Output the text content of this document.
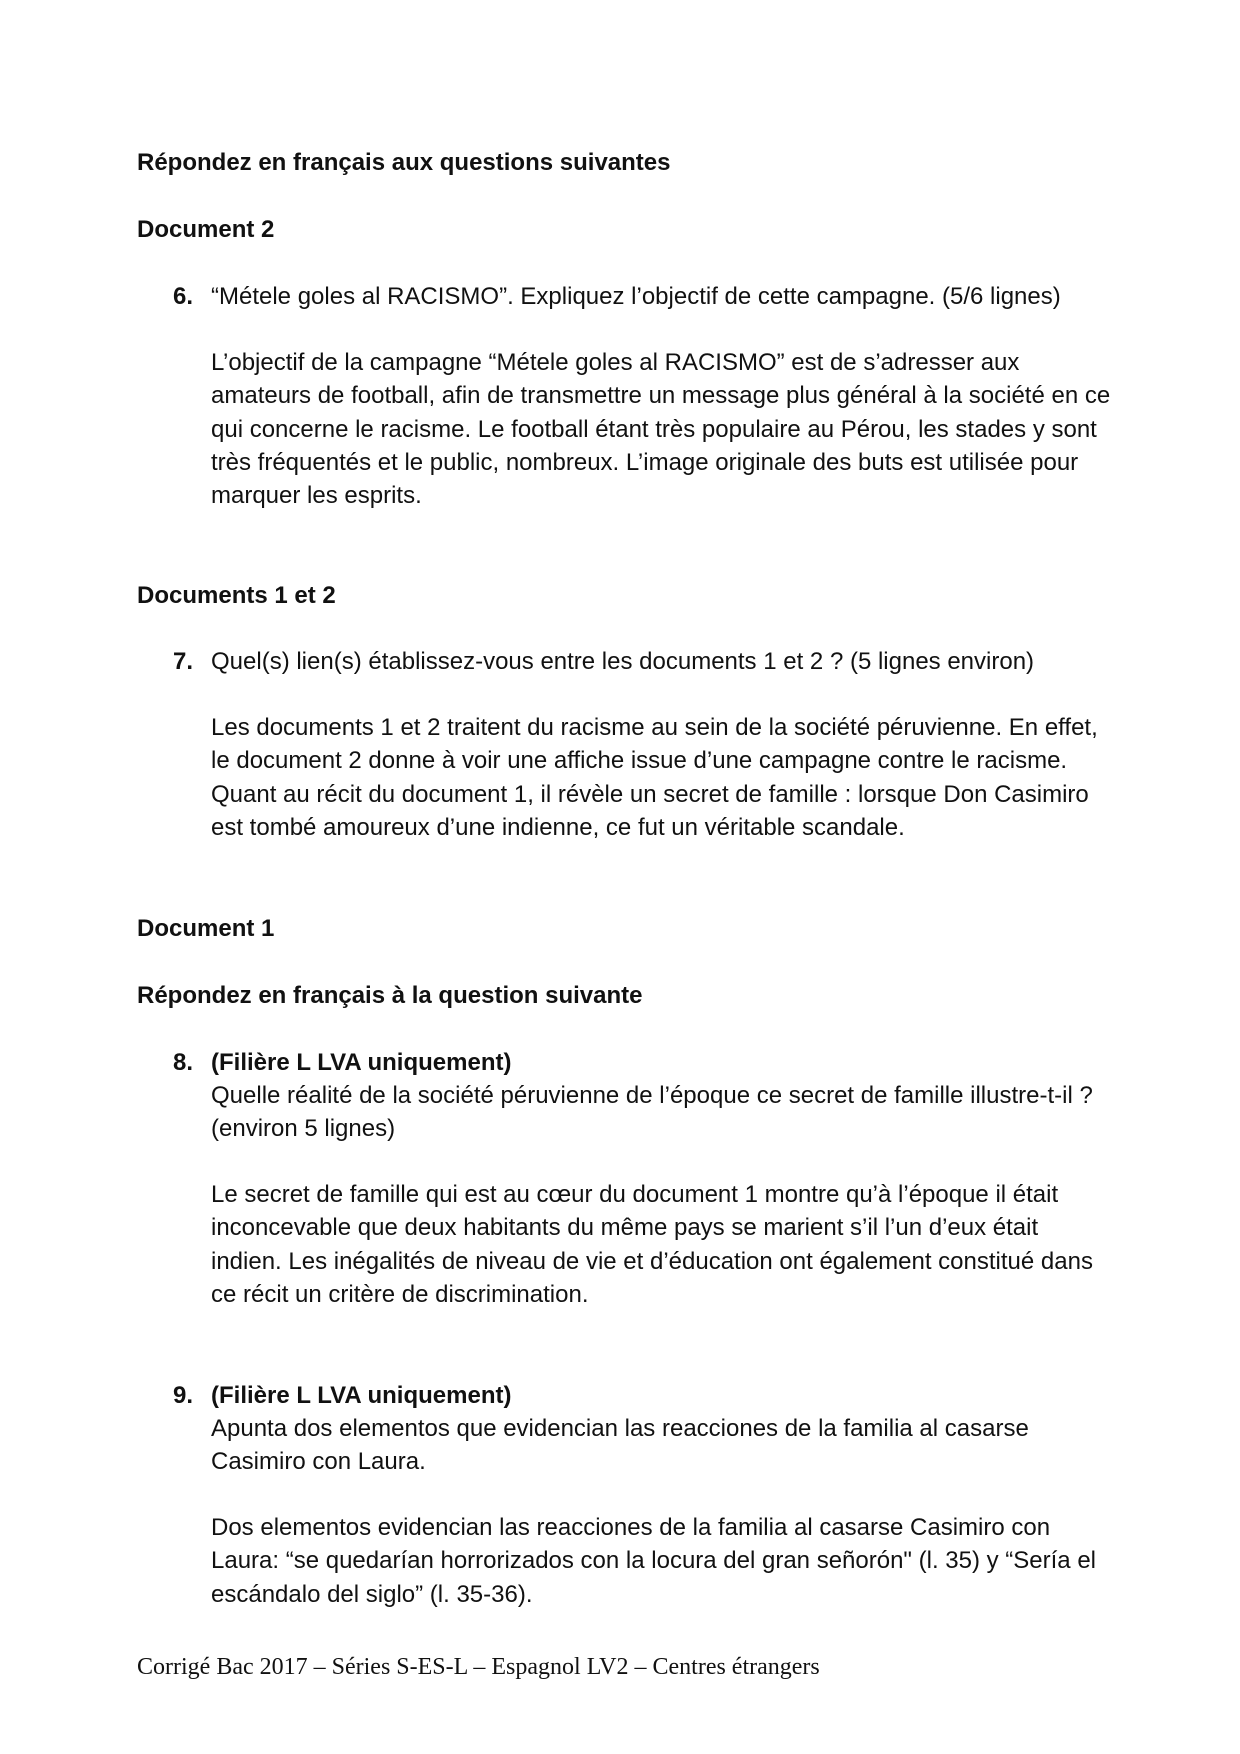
Répondez en français aux questions suivantes
Document 2
6. “Métele goles al RACISMO”. Expliquez l’objectif de cette campagne. (5/6 lignes)
L’objectif de la campagne “Métele goles al RACISMO” est de s’adresser aux amateurs de football, afin de transmettre un message plus général à la société en ce qui concerne le racisme. Le football étant très populaire au Pérou, les stades y sont très fréquentés et le public, nombreux. L’image originale des buts est utilisée pour marquer les esprits.
Documents 1 et 2
7. Quel(s) lien(s) établissez-vous entre les documents 1 et 2 ? (5 lignes environ)
Les documents 1 et 2 traitent du racisme au sein de la société péruvienne. En effet, le document 2 donne à voir une affiche issue d’une campagne contre le racisme. Quant au récit du document 1, il révèle un secret de famille : lorsque Don Casimiro est tombé amoureux d’une indienne, ce fut un véritable scandale.
Document 1
Répondez en français à la question suivante
8. (Filière L LVA uniquement)
Quelle réalité de la société péruvienne de l’époque ce secret de famille illustre-t-il ? (environ 5 lignes)
Le secret de famille qui est au cœur du document 1 montre qu’à l’époque il était inconcevable que deux habitants du même pays se marient s’il l’un d’eux était indien. Les inégalités de niveau de vie et d’éducation ont également constitué dans ce récit un critère de discrimination.
9. (Filière L LVA uniquement)
Apunta dos elementos que evidencian las reacciones de la familia al casarse Casimiro con Laura.
Dos elementos evidencian las reacciones de la familia al casarse Casimiro con Laura: “se quedarían horrorizados con la locura del gran señorón" (l. 35) y “Sería el escándalo del siglo” (l. 35-36).
Corrigé Bac 2017 – Séries S-ES-L – Espagnol LV2 – Centres étrangers
